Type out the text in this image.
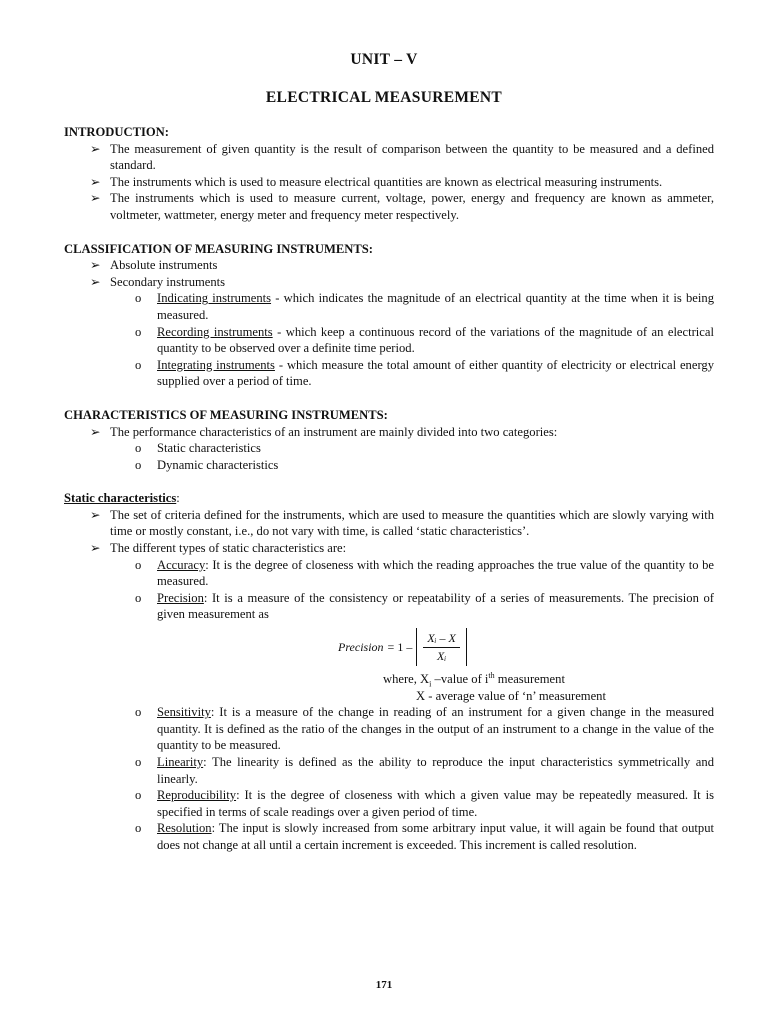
UNIT – V
ELECTRICAL MEASUREMENT
INTRODUCTION:
➢ The measurement of given quantity is the result of comparison between the quantity to be measured and a defined standard.
➢ The instruments which is used to measure electrical quantities are known as electrical measuring instruments.
➢ The instruments which is used to measure current, voltage, power, energy and frequency are known as ammeter, voltmeter, wattmeter, energy meter and frequency meter respectively.
CLASSIFICATION OF MEASURING INSTRUMENTS:
➢ Absolute instruments
➢ Secondary instruments
o	Indicating instruments - which indicates the magnitude of an electrical quantity at the time when it is being measured.
o	Recording instruments - which keep a continuous record of the variations of the magnitude of an electrical quantity to be observed over a definite time period.
o	Integrating instruments - which measure the total amount of either quantity of electricity or electrical energy supplied over a period of time.
CHARACTERISTICS OF MEASURING INSTRUMENTS:
➢ The performance characteristics of an instrument are mainly divided into two categories:
o	Static characteristics
o	Dynamic characteristics
Static characteristics:
➢ The set of criteria defined for the instruments, which are used to measure the quantities which are slowly varying with time or mostly constant, i.e., do not vary with time, is called ‘static characteristics’.
➢ The different types of static characteristics are:
o	Accuracy: It is the degree of closeness with which the reading approaches the true value of the quantity to be measured.
o	Precision: It is a measure of the consistency or repeatability of a series of measurements. The precision of given measurement as
Precision = 1 –
Xᵢ – X
Xᵢ
where, $X_i$ –value of $i^{th}$ measurement
X - average value of ‘n’ measurement
o	Sensitivity: It is a measure of the change in reading of an instrument for a given change in the measured quantity. It is defined as the ratio of the changes in the output of an instrument to a change in the value of the quantity to be measured.
o	Linearity: The linearity is defined as the ability to reproduce the input characteristics symmetrically and linearly.
o	Reproducibility: It is the degree of closeness with which a given value may be repeatedly measured. It is specified in terms of scale readings over a given period of time.
o	Resolution: The input is slowly increased from some arbitrary input value, it will again be found that output does not change at all until a certain increment is exceeded. This increment is called resolution.
171
